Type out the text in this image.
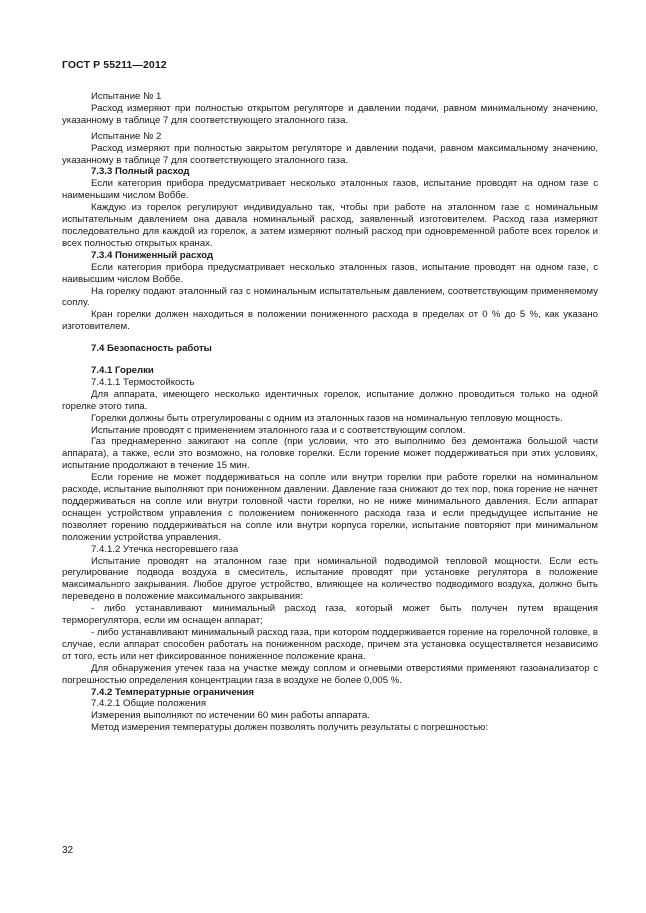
ГОСТ Р 55211—2012

Испытание № 1

Расход измеряют при полностью открытом регуляторе и давлении подачи, равном минимальному значению, указанному в таблице 7 для соответствующего эталонного газа.

Испытание № 2

Расход измеряют при полностью закрытом регуляторе и давлении подачи, равном максимальному значению, указанному в таблице 7 для соответствующего эталонного газа.

7.3.3 Полный расход

Если категория прибора предусматривает несколько эталонных газов, испытание проводят на одном газе с наименьшим числом Воббе.

Каждую из горелок регулируют индивидуально так, чтобы при работе на эталонном газе с номинальным испытательным давлением она давала номинальный расход, заявленный изготовителем. Расход газа измеряют последовательно для каждой из горелок, а затем измеряют полный расход при одновременной работе всех горелок и всех полностью открытых кранах.

7.3.4 Пониженный расход

Если категория прибора предусматривает несколько эталонных газов, испытание проводят на одном газе, с наивысшим числом Воббе.

На горелку подают эталонный газ с номинальным испытательным давлением, соответствующим применяемому соплу.

Кран горелки должен находиться в положении пониженного расхода в пределах от 0 % до 5 %, как указано изготовителем.

7.4 Безопасность работы

7.4.1 Горелки

7.4.1.1 Термостойкость

Для аппарата, имеющего несколько идентичных горелок, испытание должно проводиться только на одной горелке этого типа.

Горелки должны быть отрегулированы с одним из эталонных газов на номинальную тепловую мощность.

Испытание проводят с применением эталонного газа и с соответствующим соплом.

Газ преднамеренно зажигают на сопле (при условии, что это выполнимо без демонтажа большой части аппарата), а также, если это возможно, на головке горелки. Если горение может поддерживаться при этих условиях, испытание продолжают в течение 15 мин.

Если горение не может поддерживаться на сопле или внутри горелки при работе горелки на номинальном расходе, испытание выполняют при пониженном давлении. Давление газа снижают до тех пор, пока горение не начнет поддерживаться на сопле или внутри головной части горелки, но не ниже минимального давления. Если аппарат оснащен устройством управления с положением пониженного расхода газа и если предыдущее испытание не позволяет горению поддерживаться на сопле или внутри корпуса горелки, испытание повторяют при минимальном положении устройства управления.

7.4.1.2 Утечка несгоревшего газа

Испытание проводят на эталонном газе при номинальной подводимой тепловой мощности. Если есть регулирование подвода воздуха в смеситель, испытание проводят при установке регулятора в положение максимального закрывания. Любое другое устройство, влияющее на количество подводимого воздуха, должно быть переведено в положение максимального закрывания:

- либо устанавливают минимальный расход газа, который может быть получен путем вращения терморегулятора, если им оснащен аппарат;

- либо устанавливают минимальный расход газа, при котором поддерживается горение на горелочной головке, в случае, если аппарат способен работать на пониженном расходе, причем эта установка осуществляется независимо от того, есть или нет фиксированное пониженное положение крана.

Для обнаружения утечек газа на участке между соплом и огневыми отверстиями применяют газоанализатор с погрешностью определения концентрации газа в воздухе не более 0,005 %.

7.4.2 Температурные ограничения

7.4.2.1 Общие положения

Измерения выполняют по истечении 60 мин работы аппарата.

Метод измерения температуры должен позволять получить результаты с погрешностью:

32
